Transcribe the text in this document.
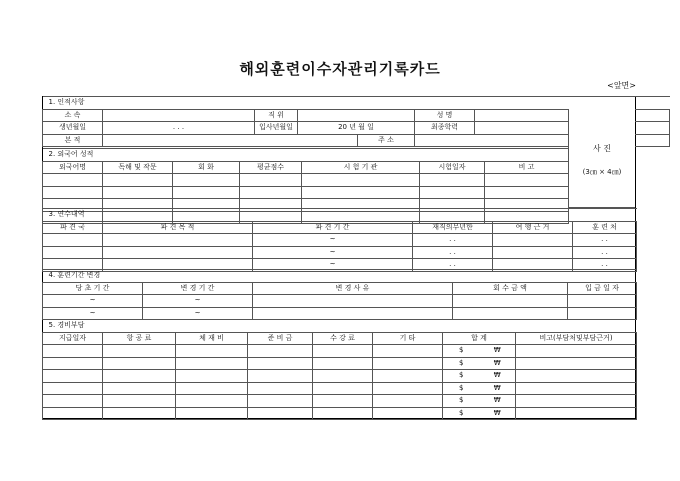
해외훈련이수자관리기록카드
<앞면>
1. 인적사항						
소 속		직 위			성 명	
생년월일	. . .	입사년월일	20 년 월 일		최종학력	
본 적				주 소		
2. 외국어 성적						
외국어명	독해 및 작문	회 화	평균점수	시 험 기 관	시험일자	비 고

사 진
(3㎝ × 4㎝)
3. 연수내역					
파 견 국	파 견 목 적	파 견 기 간	재직의무년한	여 행 근 거	훈 련 처
		~	. .		. .
		~	. .		. .
		~	. .		. .
4. 훈련기간 변경				
당 초 기 간	변 경 기 간	변 경 사 유	회 수 금 액	입 금 일 자
~	~			
~	~			
5. 경비부담								
지급일자	항 공 료	체 재 비	준 비 금	수 강 료	기 타	합 계		비고(부담처및부담근거)
						$	₩	
						$	₩	
						$	₩	
						$	₩	
						$	₩	
						$	₩	
